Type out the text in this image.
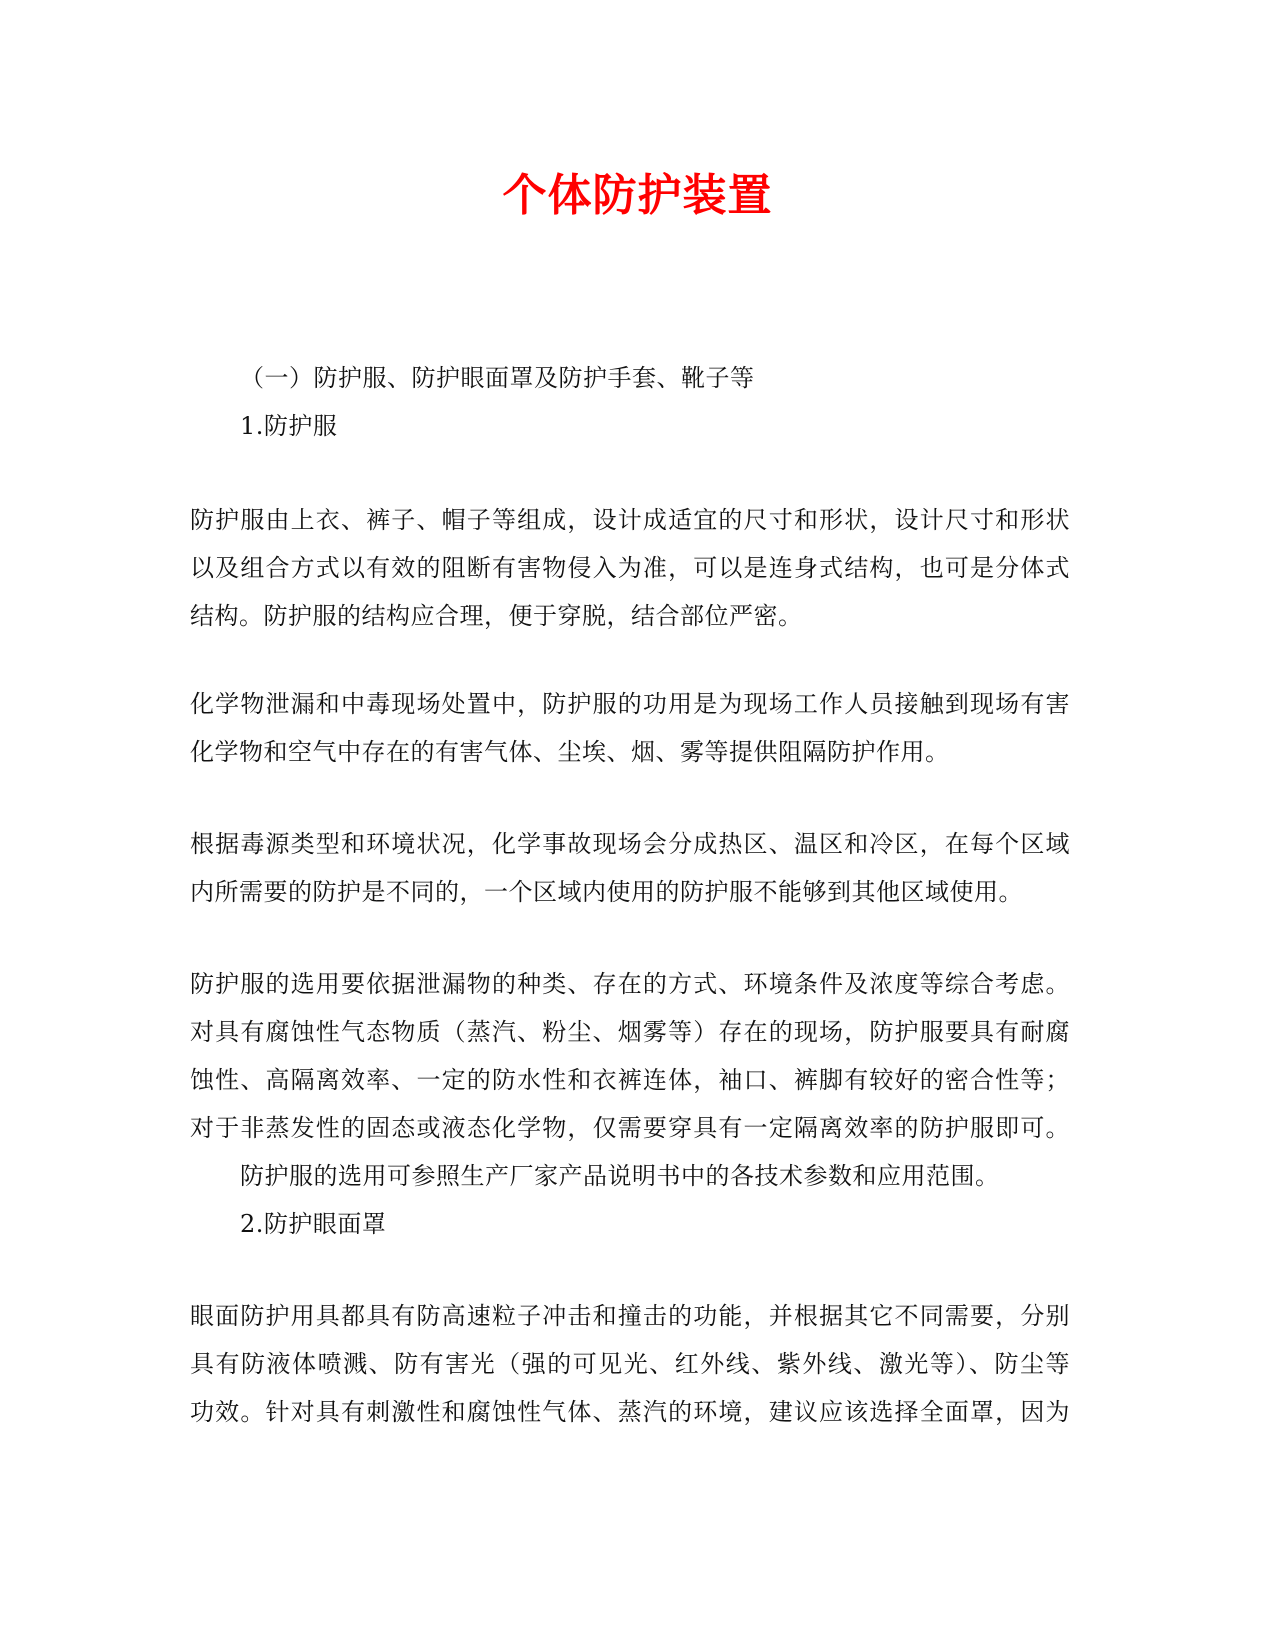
个体防护装置
（一）防护服、防护眼面罩及防护手套、靴子等
1.防护服
防护服由上衣、裤子、帽子等组成，设计成适宜的尺寸和形状，设计尺寸和形状
以及组合方式以有效的阻断有害物侵入为准，可以是连身式结构，也可是分体式
结构。防护服的结构应合理，便于穿脱，结合部位严密。
化学物泄漏和中毒现场处置中，防护服的功用是为现场工作人员接触到现场有害
化学物和空气中存在的有害气体、尘埃、烟、雾等提供阻隔防护作用。
根据毒源类型和环境状况，化学事故现场会分成热区、温区和冷区，在每个区域
内所需要的防护是不同的，一个区域内使用的防护服不能够到其他区域使用。
防护服的选用要依据泄漏物的种类、存在的方式、环境条件及浓度等综合考虑。
对具有腐蚀性气态物质（蒸汽、粉尘、烟雾等）存在的现场，防护服要具有耐腐
蚀性、高隔离效率、一定的防水性和衣裤连体，袖口、裤脚有较好的密合性等；
对于非蒸发性的固态或液态化学物，仅需要穿具有一定隔离效率的防护服即可。
防护服的选用可参照生产厂家产品说明书中的各技术参数和应用范围。
2.防护眼面罩
眼面防护用具都具有防高速粒子冲击和撞击的功能，并根据其它不同需要，分别
具有防液体喷溅、防有害光（强的可见光、红外线、紫外线、激光等）、防尘等
功效。针对具有刺激性和腐蚀性气体、蒸汽的环境，建议应该选择全面罩，因为
